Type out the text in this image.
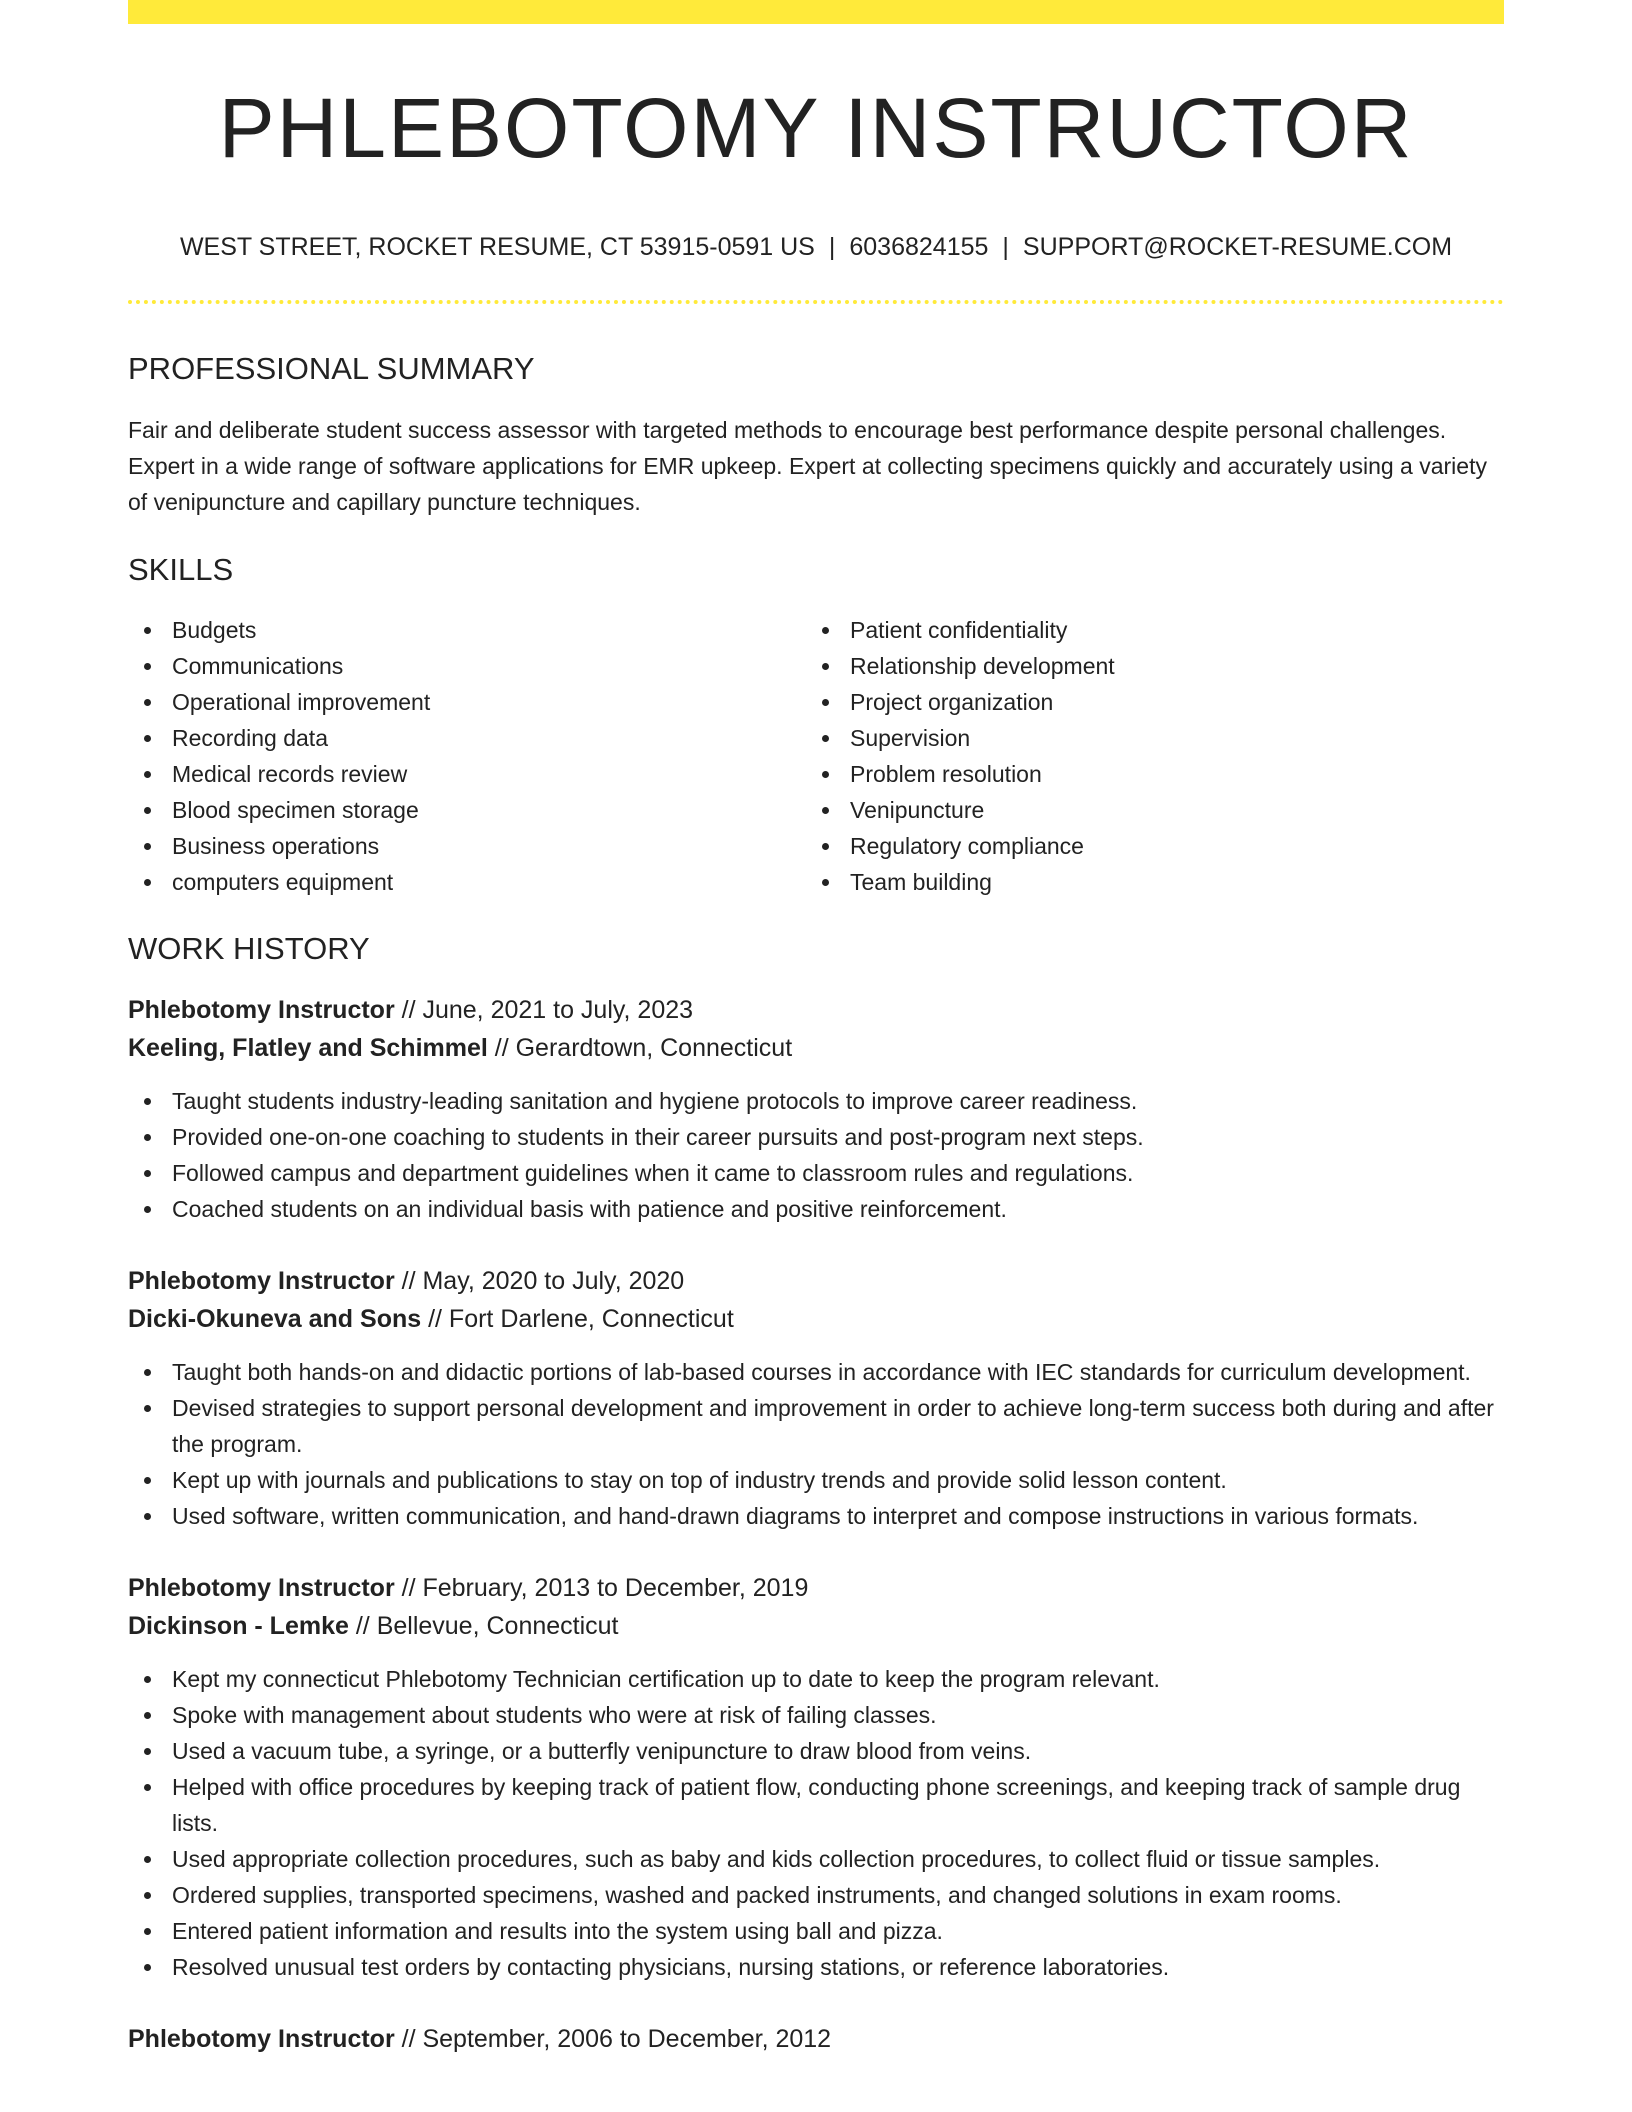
PHLEBOTOMY INSTRUCTOR
WEST STREET, ROCKET RESUME, CT 53915-0591 US | 6036824155 | SUPPORT@ROCKET-RESUME.COM
PROFESSIONAL SUMMARY

Fair and deliberate student success assessor with targeted methods to encourage best performance despite personal challenges. Expert in a wide range of software applications for EMR upkeep. Expert at collecting specimens quickly and accurately using a variety of venipuncture and capillary puncture techniques.

SKILLS
Budgets
Communications
Operational improvement
Recording data
Medical records review
Blood specimen storage
Business operations
computers equipment
Patient confidentiality
Relationship development
Project organization
Supervision
Problem resolution
Venipuncture
Regulatory compliance
Team building
WORK HISTORY
Phlebotomy Instructor // June, 2021 to July, 2023
Keeling, Flatley and Schimmel // Gerardtown, Connecticut
Taught students industry-leading sanitation and hygiene protocols to improve career readiness.
Provided one-on-one coaching to students in their career pursuits and post-program next steps.
Followed campus and department guidelines when it came to classroom rules and regulations.
Coached students on an individual basis with patience and positive reinforcement.
Phlebotomy Instructor // May, 2020 to July, 2020
Dicki-Okuneva and Sons // Fort Darlene, Connecticut
Taught both hands-on and didactic portions of lab-based courses in accordance with IEC standards for curriculum development.
Devised strategies to support personal development and improvement in order to achieve long-term success both during and after the program.
Kept up with journals and publications to stay on top of industry trends and provide solid lesson content.
Used software, written communication, and hand-drawn diagrams to interpret and compose instructions in various formats.
Phlebotomy Instructor // February, 2013 to December, 2019
Dickinson - Lemke // Bellevue, Connecticut
Kept my connecticut Phlebotomy Technician certification up to date to keep the program relevant.
Spoke with management about students who were at risk of failing classes.
Used a vacuum tube, a syringe, or a butterfly venipuncture to draw blood from veins.
Helped with office procedures by keeping track of patient flow, conducting phone screenings, and keeping track of sample drug lists.
Used appropriate collection procedures, such as baby and kids collection procedures, to collect fluid or tissue samples.
Ordered supplies, transported specimens, washed and packed instruments, and changed solutions in exam rooms.
Entered patient information and results into the system using ball and pizza.
Resolved unusual test orders by contacting physicians, nursing stations, or reference laboratories.
Phlebotomy Instructor // September, 2006 to December, 2012
